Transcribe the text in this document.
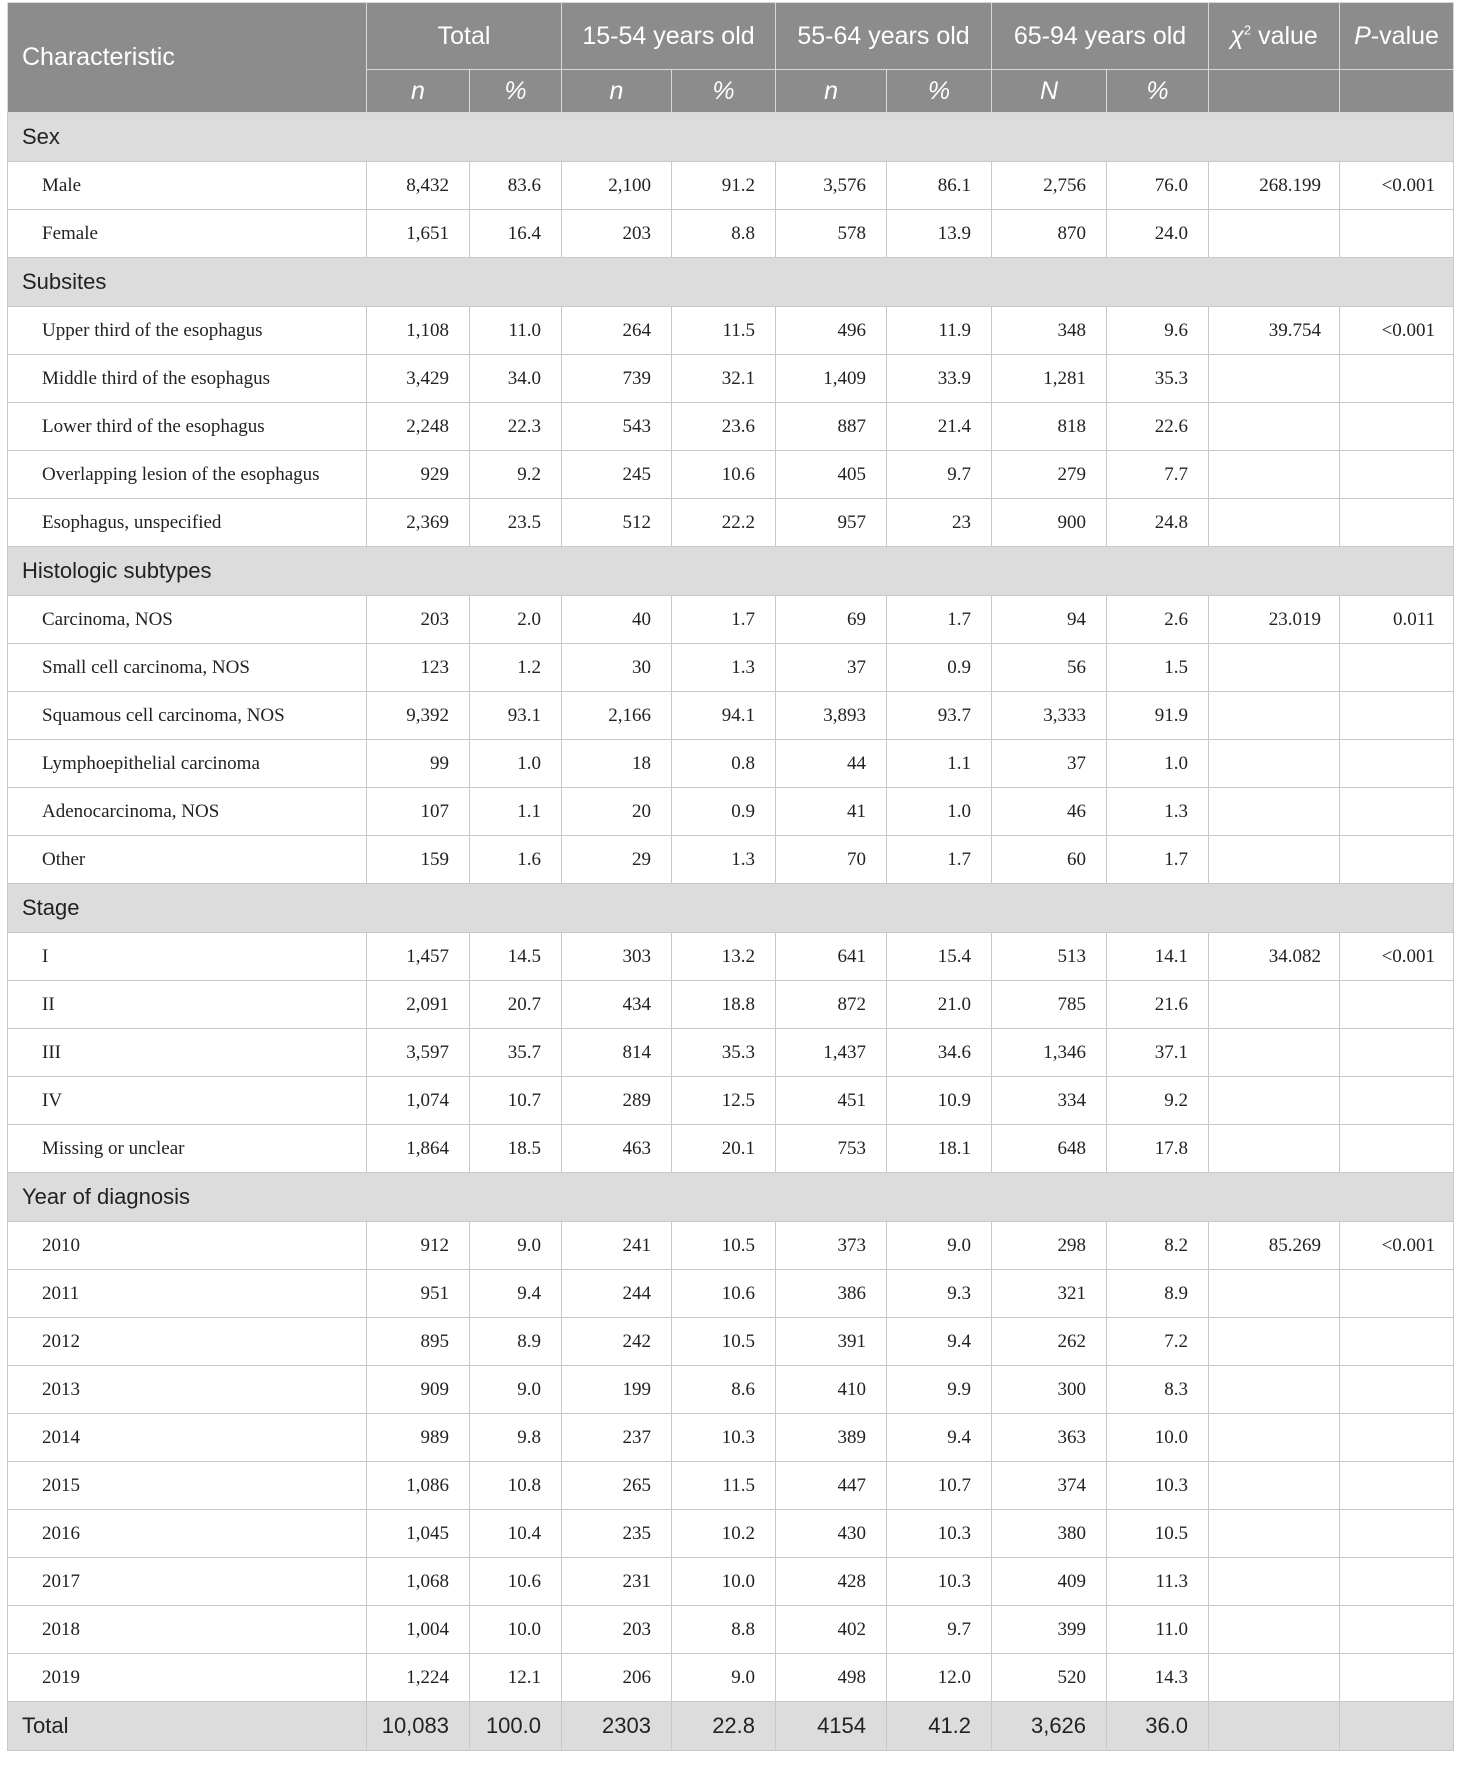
Characteristic	Total		15-54 years old		55-64 years old		65-94 years old		$\chi^2$ value	P-value
	n	%	n	%	n	%	N	%		
Sex										
Male	8,432	83.6	2,100	91.2	3,576	86.1	2,756	76.0	268.199	<0.001
Female	1,651	16.4	203	8.8	578	13.9	870	24.0		
Subsites										
Upper third of the esophagus	1,108	11.0	264	11.5	496	11.9	348	9.6	39.754	<0.001
Middle third of the esophagus	3,429	34.0	739	32.1	1,409	33.9	1,281	35.3		
Lower third of the esophagus	2,248	22.3	543	23.6	887	21.4	818	22.6		
Overlapping lesion of the esophagus	929	9.2	245	10.6	405	9.7	279	7.7		
Esophagus, unspecified	2,369	23.5	512	22.2	957	23	900	24.8		
Histologic subtypes										
Carcinoma, NOS	203	2.0	40	1.7	69	1.7	94	2.6	23.019	0.011
Small cell carcinoma, NOS	123	1.2	30	1.3	37	0.9	56	1.5		
Squamous cell carcinoma, NOS	9,392	93.1	2,166	94.1	3,893	93.7	3,333	91.9		
Lymphoepithelial carcinoma	99	1.0	18	0.8	44	1.1	37	1.0		
Adenocarcinoma, NOS	107	1.1	20	0.9	41	1.0	46	1.3		
Other	159	1.6	29	1.3	70	1.7	60	1.7		
Stage										
I	1,457	14.5	303	13.2	641	15.4	513	14.1	34.082	<0.001
II	2,091	20.7	434	18.8	872	21.0	785	21.6		
III	3,597	35.7	814	35.3	1,437	34.6	1,346	37.1		
IV	1,074	10.7	289	12.5	451	10.9	334	9.2		
Missing or unclear	1,864	18.5	463	20.1	753	18.1	648	17.8		
Year of diagnosis										
2010	912	9.0	241	10.5	373	9.0	298	8.2	85.269	<0.001
2011	951	9.4	244	10.6	386	9.3	321	8.9		
2012	895	8.9	242	10.5	391	9.4	262	7.2		
2013	909	9.0	199	8.6	410	9.9	300	8.3		
2014	989	9.8	237	10.3	389	9.4	363	10.0		
2015	1,086	10.8	265	11.5	447	10.7	374	10.3		
2016	1,045	10.4	235	10.2	430	10.3	380	10.5		
2017	1,068	10.6	231	10.0	428	10.3	409	11.3		
2018	1,004	10.0	203	8.8	402	9.7	399	11.0		
2019	1,224	12.1	206	9.0	498	12.0	520	14.3		
Total	10,083	100.0	2303	22.8	4154	41.2	3,626	36.0		
